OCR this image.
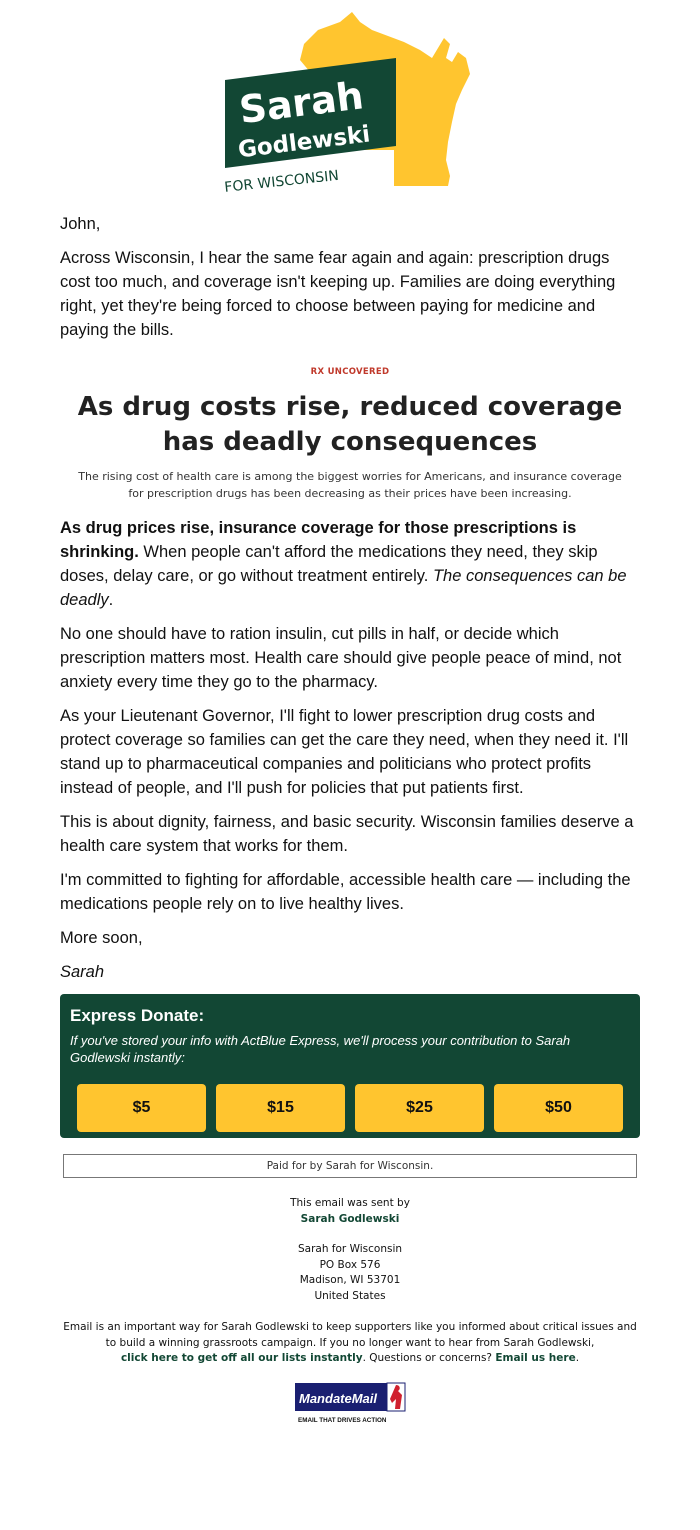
Sarah
Godlewski
FOR WISCONSIN

John,

Across Wisconsin, I hear the same fear again and again: prescription drugs cost too much, and coverage isn't keeping up. Families are doing everything right, yet they're being forced to choose between paying for medicine and paying the bills.

RX UNCOVERED
As drug costs rise, reduced coverage has deadly consequences
The rising cost of health care is among the biggest worries for Americans, and insurance coverage for prescription drugs has been decreasing as their prices have been increasing.

As drug prices rise, insurance coverage for those prescriptions is shrinking. When people can't afford the medications they need, they skip doses, delay care, or go without treatment entirely. The consequences can be deadly.

No one should have to ration insulin, cut pills in half, or decide which prescription matters most. Health care should give people peace of mind, not anxiety every time they go to the pharmacy.

As your Lieutenant Governor, I'll fight to lower prescription drug costs and protect coverage so families can get the care they need, when they need it. I'll stand up to pharmaceutical companies and politicians who protect profits instead of people, and I'll push for policies that put patients first.

This is about dignity, fairness, and basic security. Wisconsin families deserve a health care system that works for them.

I'm committed to fighting for affordable, accessible health care — including the medications people rely on to live healthy lives.

More soon,

Sarah

Express Donate:
If you've stored your info with ActBlue Express, we'll process your contribution to Sarah Godlewski instantly:
$5	$15	$25	$50
Paid for by Sarah for Wisconsin.
This email was sent by
Sarah Godlewski
Sarah for Wisconsin
PO Box 576
Madison, WI 53701
United States
Email is an important way for Sarah Godlewski to keep supporters like you informed about critical issues and to build a winning grassroots campaign. If you no longer want to hear from Sarah Godlewski,
click here to get off all our lists instantly. Questions or concerns? Email us here.
MandateMail
EMAIL THAT DRIVES ACTION
